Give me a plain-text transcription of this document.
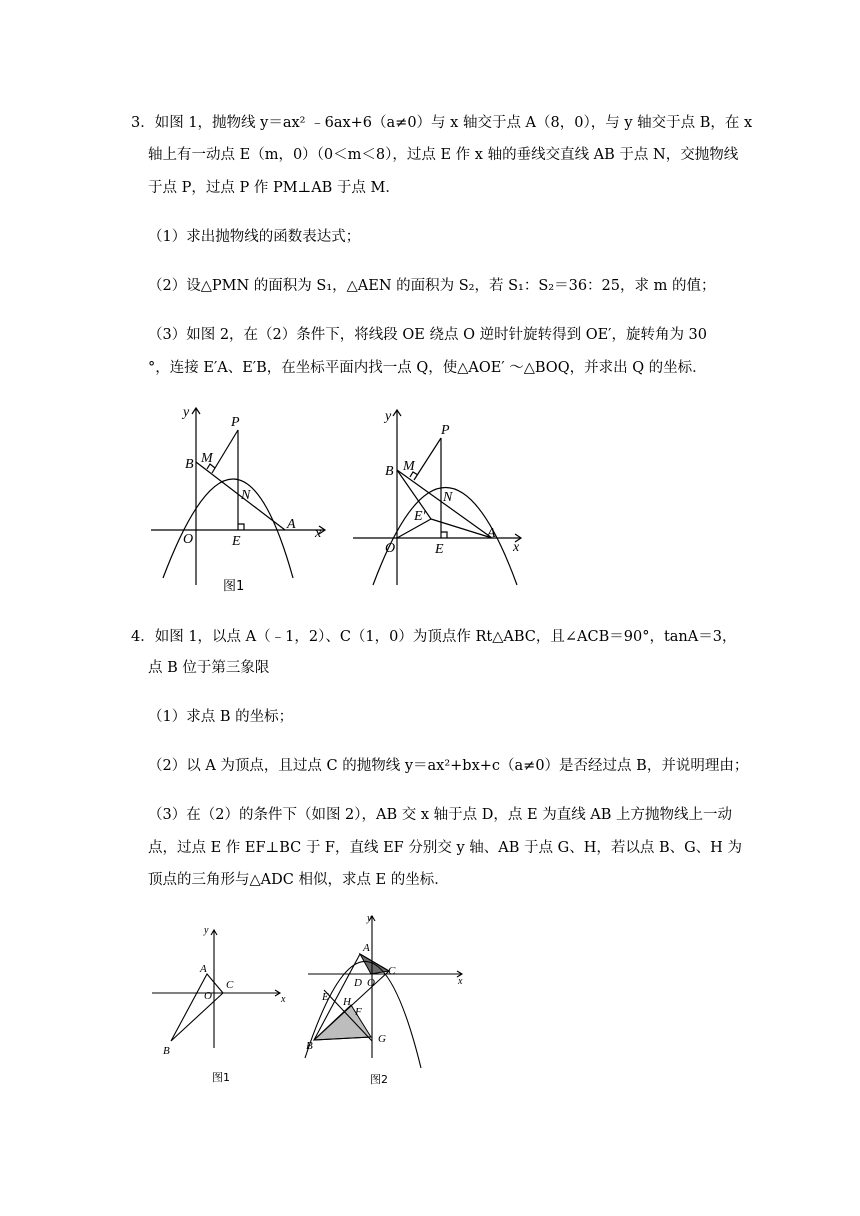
3．如图 1，抛物线 y＝ax² ﹣6ax+6（a≠0）与 x 轴交于点 A（8，0），与 y 轴交于点 B，在 x
轴上有一动点 E（m，0）（0＜m＜8），过点 E 作 x 轴的垂线交直线 AB 于点 N，交抛物线
于点 P，过点 P 作 PM⊥AB 于点 M．
（1）求出抛物线的函数表达式；
（2）设△PMN 的面积为 S₁，△AEN 的面积为 S₂，若 S₁：S₂＝36：25，求 m 的值；
（3）如图 2，在（2）条件下，将线段 OE 绕点 O 逆时针旋转得到 OE′，旋转角为 30
°，连接 E′A、E′B，在坐标平面内找一点 Q，使△AOE′ ～△BOQ，并求出 Q 的坐标．
y
x
O
B M
P
N
E
A
图1
y
x
O
B M
P
N
E′
E
A
4．如图 1，以点 A（﹣1，2）、C（1，0）为顶点作 Rt△ABC，且∠ACB＝90°，tanA＝3，
点 B 位于第三象限
（1）求点 B 的坐标；
（2）以 A 为顶点，且过点 C 的抛物线 y＝ax²+bx+c（a≠0）是否经过点 B，并说明理由；
（3）在（2）的条件下（如图 2），AB 交 x 轴于点 D，点 E 为直线 AB 上方抛物线上一动
点，过点 E 作 EF⊥BC 于 F，直线 EF 分别交 y 轴、AB 于点 G、H，若以点 B、G、H 为
顶点的三角形与△ADC 相似，求点 E 的坐标．
y
x
A
O
C
B
图1
y
x
A
D O
C
E H
F
B
G
图2
